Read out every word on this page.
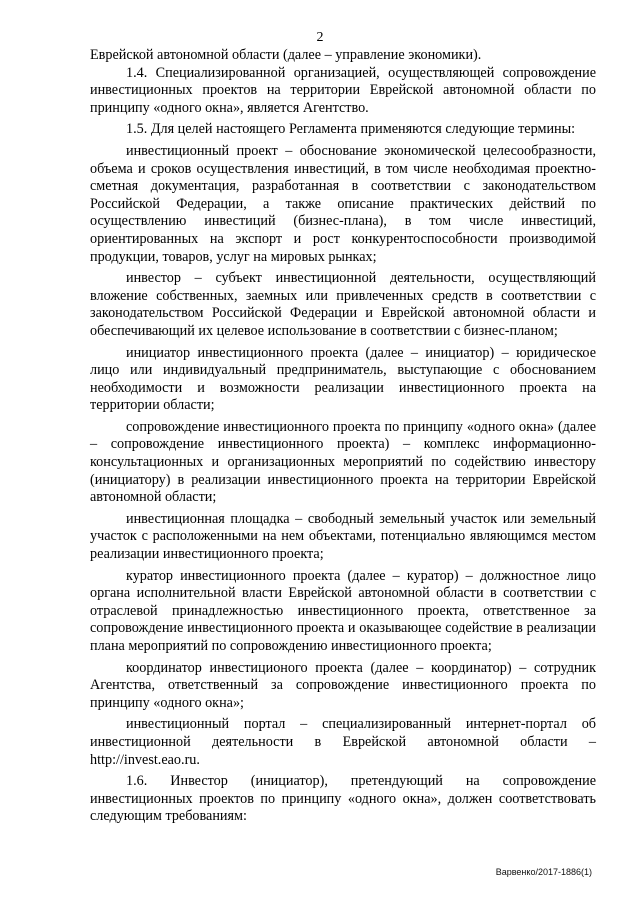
2

Еврейской автономной области (далее – управление экономики).

1.4. Специализированной организацией, осуществляющей сопровождение инвестиционных проектов на территории Еврейской автономной области по принципу «одного окна», является Агентство.

1.5. Для целей настоящего Регламента применяются следующие термины:

инвестиционный проект – обоснование экономической целесообразности, объема и сроков осуществления инвестиций, в том числе необходимая проектно-сметная документация, разработанная в соответствии с законодательством Российской Федерации, а также описание практических действий по осуществлению инвестиций (бизнес-плана), в том числе инвестиций, ориентированных на экспорт и рост конкурентоспособности производимой продукции, товаров, услуг на мировых рынках;

инвестор – субъект инвестиционной деятельности, осуществляющий вложение собственных, заемных или привлеченных средств в соответствии с законодательством Российской Федерации и Еврейской автономной области и обеспечивающий их целевое использование в соответствии с бизнес-планом;

инициатор инвестиционного проекта (далее – инициатор) – юридическое лицо или индивидуальный предприниматель, выступающие с обоснованием необходимости и возможности реализации инвестиционного проекта на территории области;

сопровождение инвестиционного проекта по принципу «одного окна» (далее – сопровождение инвестиционного проекта) – комплекс информационно-консультационных и организационных мероприятий по содействию инвестору (инициатору) в реализации инвестиционного проекта на территории Еврейской автономной области;

инвестиционная площадка – свободный земельный участок или земельный участок с расположенными на нем объектами, потенциально являющимся местом реализации инвестиционного проекта;

куратор инвестиционного проекта (далее – куратор) – должностное лицо органа исполнительной власти Еврейской автономной области в соответствии с отраслевой принадлежностью инвестиционного проекта, ответственное за сопровождение инвестиционного проекта и оказывающее содействие в реализации плана мероприятий по сопровождению инвестиционного проекта;

координатор инвестиционого проекта (далее – координатор) – сотрудник Агентства, ответственный за сопровождение инвестиционного проекта по принципу «одного окна»;

инвестиционный портал – специализированный интернет-портал об инвестиционной деятельности в Еврейской автономной области – http://invest.eao.ru.

1.6. Инвестор (инициатор), претендующий на сопровождение инвестиционных проектов по принципу «одного окна», должен соответствовать следующим требованиям:

Варвенко/2017-1886(1)
